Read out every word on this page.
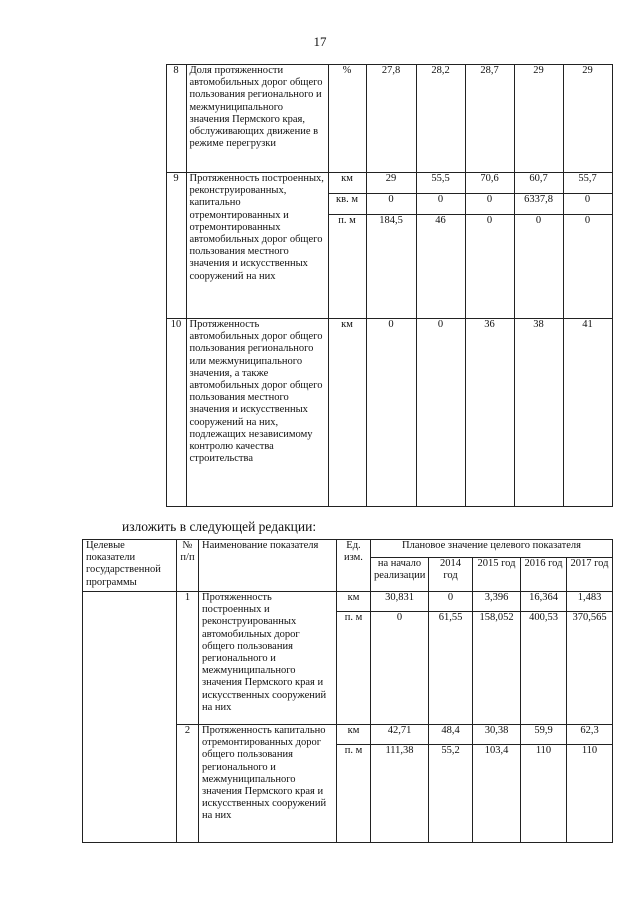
17
	8	Доля протяженности автомобильных дорог общего пользования регионального и межмуниципального значения Пермского края, обслуживающих движение в режиме перегрузки	%	27,8	28,2	28,7	29	29
	9	Протяженность построенных, реконструированных, капитально отремонтированных и отремонтированных автомобильных дорог общего пользования местного значения и искусственных сооружений на них	км	29	55,5	70,6	60,7	55,7
			кв. м	0	0	0	6337,8	0
			п. м	184,5	46	0	0	0
	10	Протяженность автомобильных дорог общего пользования регионального или межмуниципального значения, а также автомобильных дорог общего пользования местного значения и искусственных сооружений на них, подлежащих независимому контролю качества строительства	км	0	0	36	38	41
изложить в следующей редакции:
Целевые показатели государственной программы	№ п/п	Наименование показателя	Ед. изм.	Плановое значение целевого показателя				
				на начало реализации	2014 год	2015 год	2016 год	2017 год
	1	Протяженность построенных и реконструированных автомобильных дорог общего пользования регионального и межмуниципального значения Пермского края и искусственных сооружений на них	км	30,831	0	3,396	16,364	1,483
			п. м	0	61,55	158,052	400,53	370,565
	2	Протяженность капитально отремонтированных дорог общего пользования регионального и межмуниципального значения Пермского края и искусственных сооружений на них	км	42,71	48,4	30,38	59,9	62,3
			п. м	111,38	55,2	103,4	110	110
